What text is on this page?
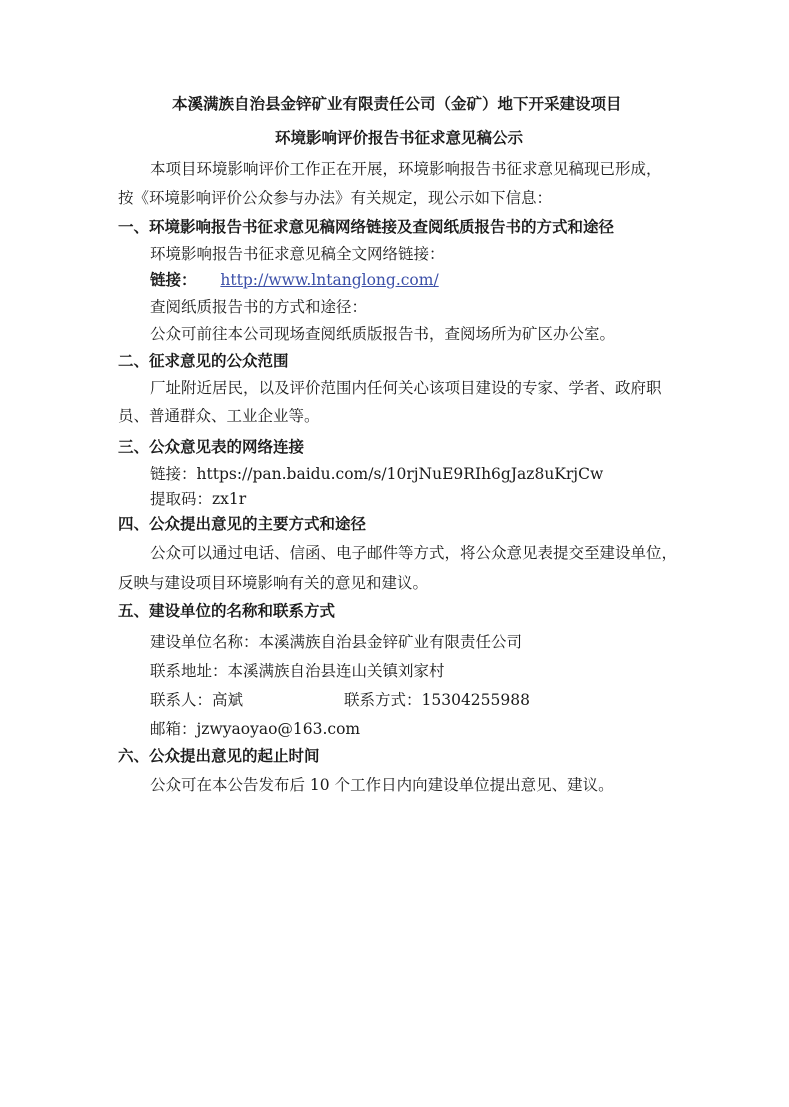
本溪满族自治县金锌矿业有限责任公司（金矿）地下开采建设项目
环境影响评价报告书征求意见稿公示
本项目环境影响评价工作正在开展，环境影响报告书征求意见稿现已形成，
按《环境影响评价公众参与办法》有关规定，现公示如下信息：
一、环境影响报告书征求意见稿网络链接及查阅纸质报告书的方式和途径
环境影响报告书征求意见稿全文网络链接：
链接： http://www.lntanglong.com/
查阅纸质报告书的方式和途径：
公众可前往本公司现场查阅纸质版报告书，查阅场所为矿区办公室。
二、征求意见的公众范围
厂址附近居民，以及评价范围内任何关心该项目建设的专家、学者、政府职
员、普通群众、工业企业等。
三、公众意见表的网络连接
链接：https://pan.baidu.com/s/10rjNuE9RIh6gJaz8uKrjCw
提取码：zx1r
四、公众提出意见的主要方式和途径
公众可以通过电话、信函、电子邮件等方式，将公众意见表提交至建设单位，
反映与建设项目环境影响有关的意见和建议。
五、建设单位的名称和联系方式
建设单位名称：本溪满族自治县金锌矿业有限责任公司
联系地址：本溪满族自治县连山关镇刘家村
联系人：高斌	联系方式：15304255988
邮箱：jzwyaoyao@163.com
六、公众提出意见的起止时间
公众可在本公告发布后 10 个工作日内向建设单位提出意见、建议。
